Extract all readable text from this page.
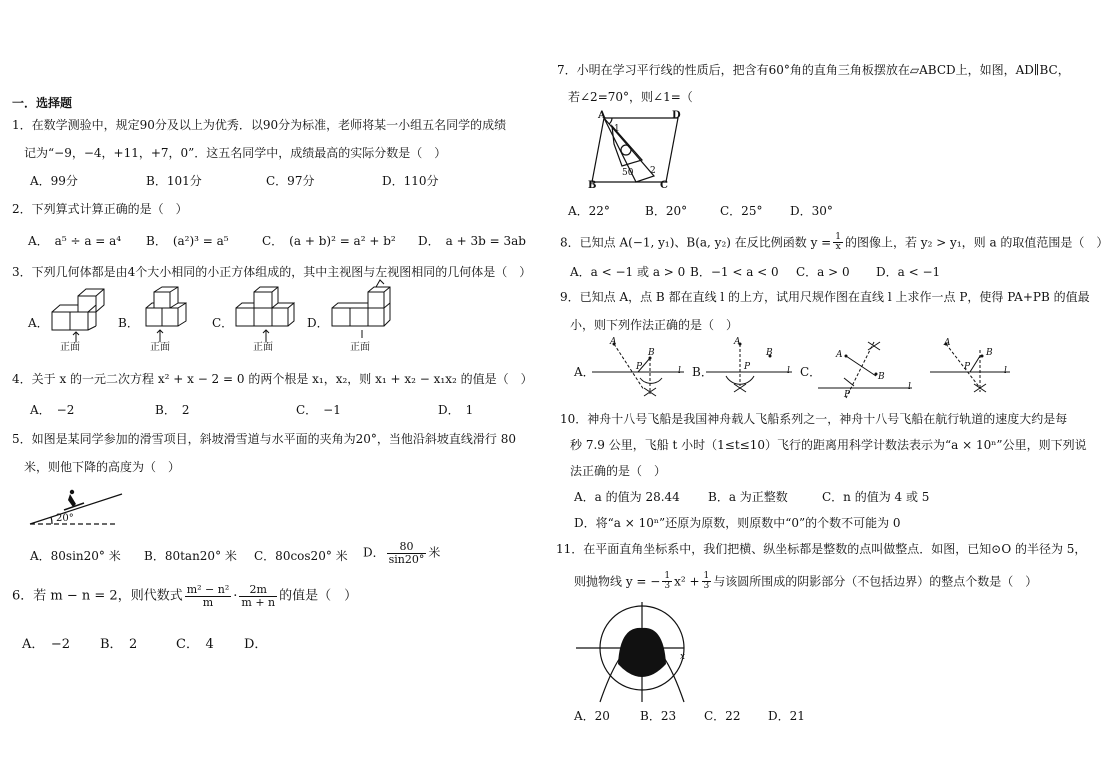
一．选择题
1．在数学测验中，规定90分及以上为优秀．以90分为标准，老师将某一小组五名同学的成绩
记为“−9，−4，+11，+7，0”．这五名同学中，成绩最高的实际分数是（　）
A．99分	B．101分	C．97分	D．110分
2．下列算式计算正确的是（　）
A．　a⁵ ÷ a = a⁴ B．　(a²)³ = a⁵	C．　(a + b)² = a² + b² D．　a + 3b = 3ab
3．下列几何体都是由4个大小相同的小正方体组成的，其中主视图与左视图相同的几何体是（　）
A．	B．	C．	D．
正面	正面	正面	正面
4．关于 x 的一元二次方程 x² + x − 2 = 0 的两个根是 x₁，x₂，则 x₁ + x₂ − x₁x₂ 的值是（　）
A．　−2	B．　2	C．　−1	D．　1
5．如图是某同学参加的滑雪项目，斜坡滑雪道与水平面的夹角为20°，当他沿斜坡直线滑行 80
米，则他下降的高度为（　）
20°
A．80sin20° 米 B．80tan20° 米 C．80cos20° 米 D． $\frac{80}{\sin 20^\circ}$ 米
6．若 m − n = 2，则代数式 $\frac{\text{m² − n²}}{m} \cdot \frac{2m}{m + n}$ 的值是（　）
A．　−2 B．　2	C．　4 D．
7．小明在学习平行线的性质后，把含有60°角的直角三角板摆放在▱ABCD上，如图，AD∥BC，
若∠2=70°，则∠1=（
A	D
B	C
1
2
50
A．22°	B．20°	C．25° D．30°
8．已知点 A(−1, y₁)、B(a, y₂) 在反比例函数 $y = \frac{1}{x}$ 的图像上，若 y₂ > y₁，则 a 的取值范围是（　）
A．a < −1 或 a > 0 B．−1 < a < 0 C．a > 0 D．a < −1
9．已知点 A，点 B 都在直线 l 的上方，试用尺规作图在直线 l 上求作一点 P，使得 PA+PB 的值最
小，则下列作法正确的是（　）
A．	B．	C．
A
B
P	l
A
B
P	l
A
B
P
l
A
B
P	l
10．神舟十八号飞船是我国神舟载人飞船系列之一，神舟十八号飞船在航行轨道的速度大约是每
秒 7.9 公里，飞船 t 小时（1≤t≤10）飞行的距离用科学计数法表示为“a × 10ⁿ”公里，则下列说
法正确的是（　）
A．a 的值为 28.44 B．a 为正整数	C．n 的值为 4 或 5
D．将“a × 10ⁿ”还原为原数，则原数中“0”的个数不可能为 0
11．在平面直角坐标系中，我们把横、纵坐标都是整数的点叫做整点．如图，已知⊙O 的半径为 5，
则抛物线 y = − $\frac{1}{3} x^2 + \frac{1}{3}$ 与该圆所围成的阴影部分（不包括边界）的整点个数是（　）
x
A．20	B．23 C．22 D．21
